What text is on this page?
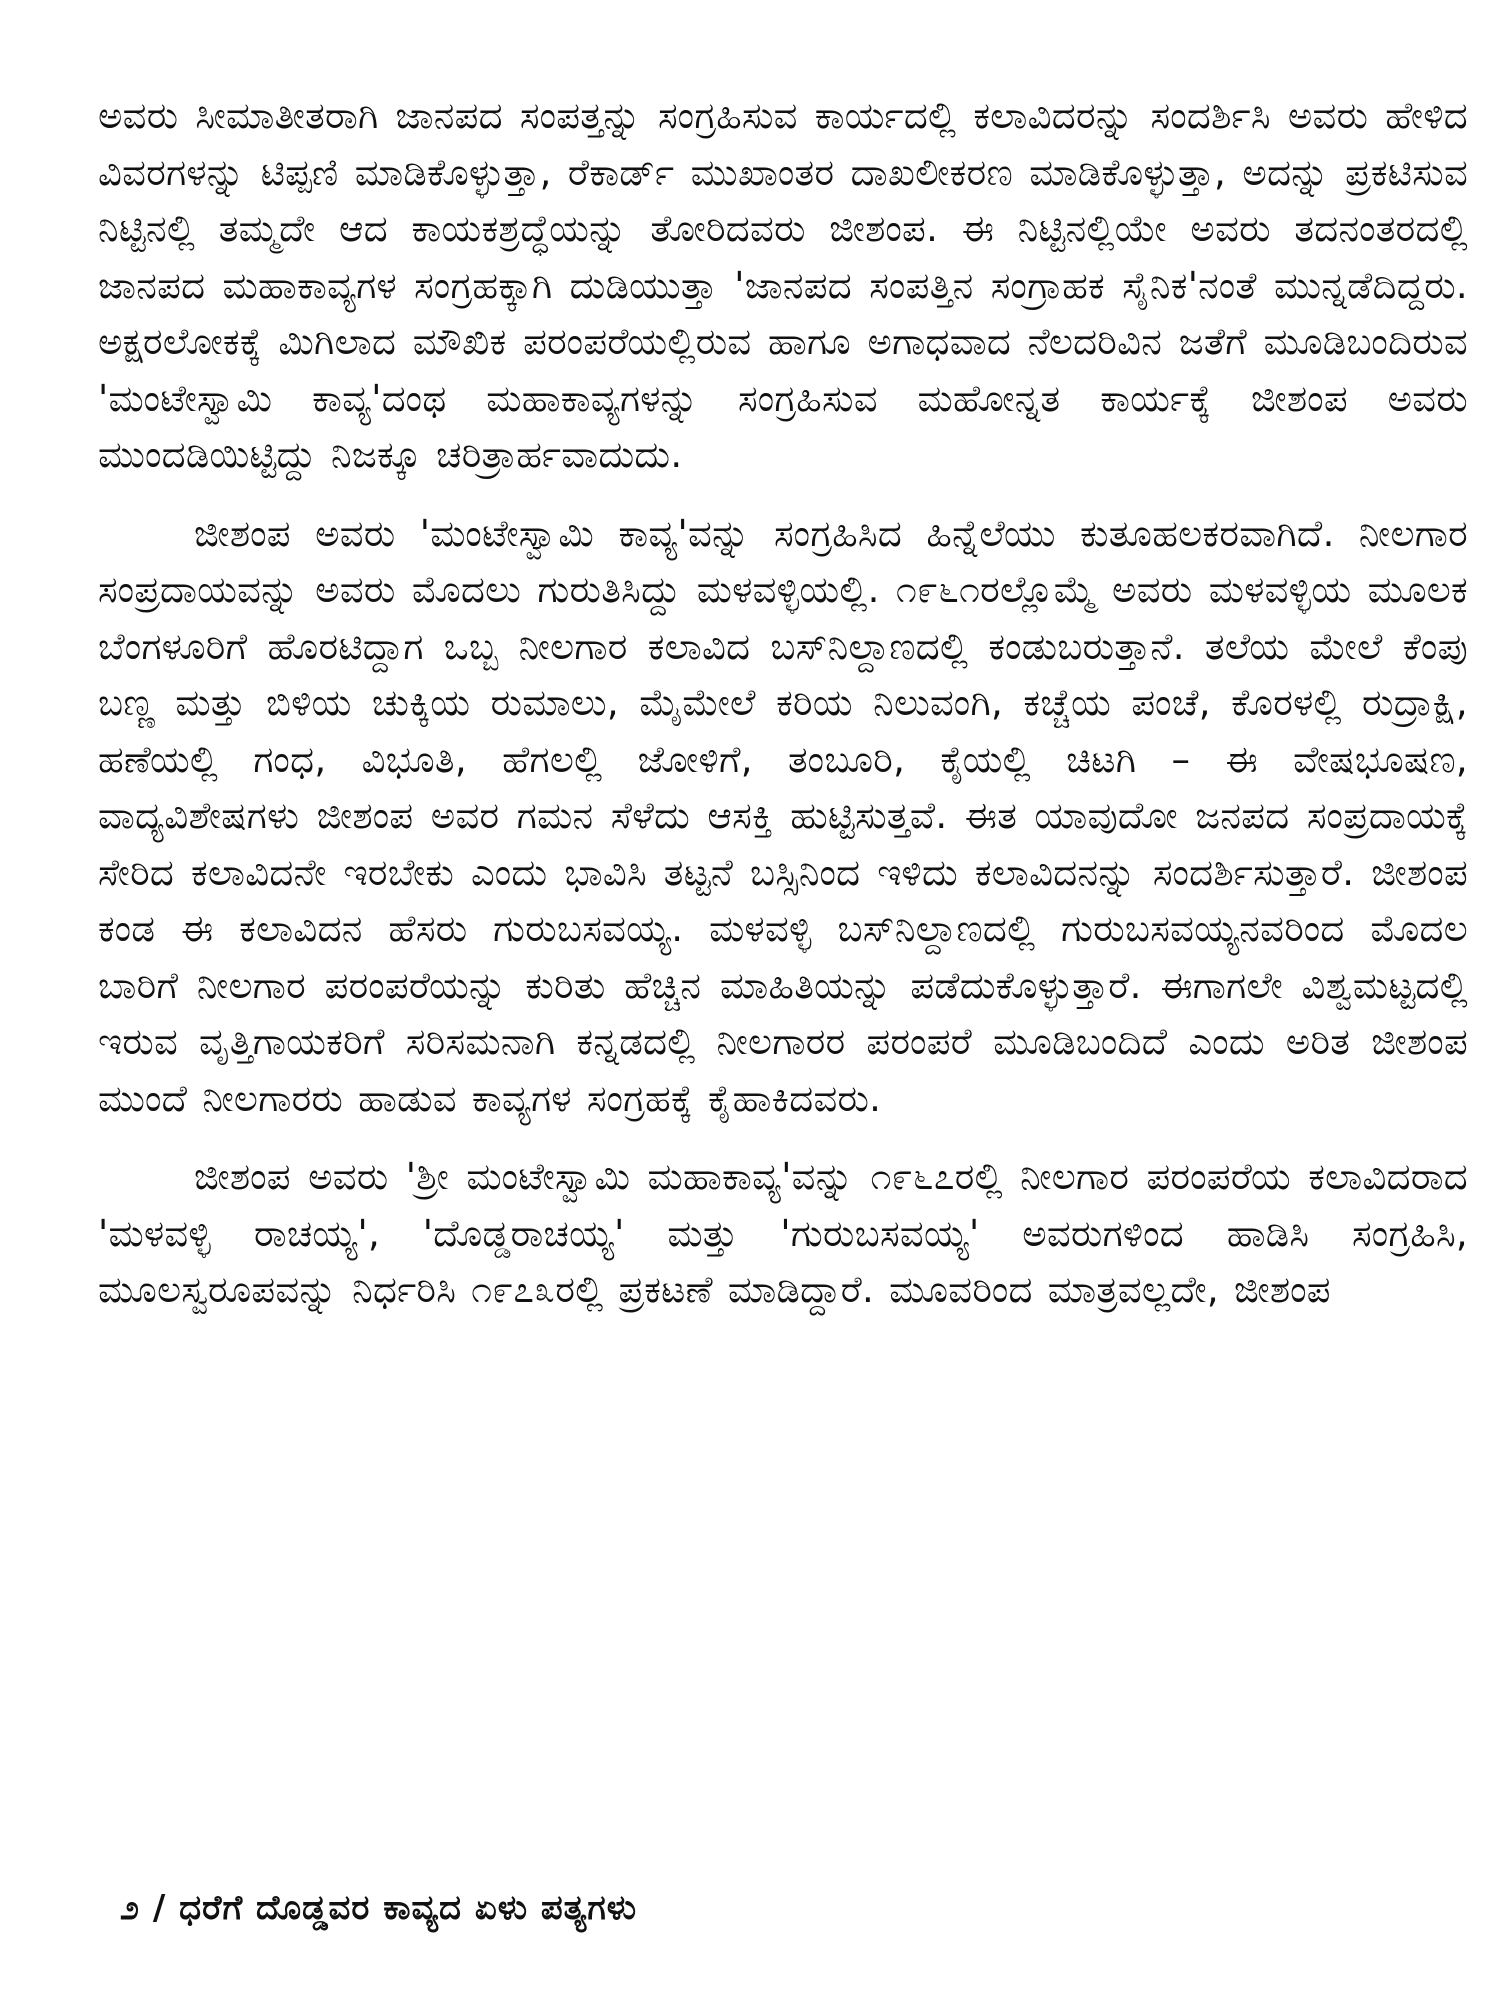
ಅವರು ಸೀಮಾತೀತರಾಗಿ ಜಾನಪದ ಸಂಪತ್ತನ್ನು ಸಂಗ್ರಹಿಸುವ ಕಾರ್ಯದಲ್ಲಿ ಕಲಾವಿದರನ್ನು ಸಂದರ್ಶಿಸಿ ಅವರು ಹೇಳಿದ ವಿವರಗಳನ್ನು ಟಿಪ್ಪಣಿ ಮಾಡಿಕೊಳ್ಳುತ್ತಾ, ರೆಕಾರ್ಡ್ ಮುಖಾಂತರ ದಾಖಲೀಕರಣ ಮಾಡಿಕೊಳ್ಳುತ್ತಾ, ಅದನ್ನು ಪ್ರಕಟಿಸುವ ನಿಟ್ಟಿನಲ್ಲಿ ತಮ್ಮದೇ ಆದ ಕಾಯಕಶ್ರದ್ಧೆಯನ್ನು ತೋರಿದವರು ಜೀಶಂಪ. ಈ ನಿಟ್ಟಿನಲ್ಲಿಯೇ ಅವರು ತದನಂತರದಲ್ಲಿ ಜಾನಪದ ಮಹಾಕಾವ್ಯಗಳ ಸಂಗ್ರಹಕ್ಕಾಗಿ ದುಡಿಯುತ್ತಾ 'ಜಾನಪದ ಸಂಪತ್ತಿನ ಸಂಗ್ರಾಹಕ ಸೈನಿಕ'ನಂತೆ ಮುನ್ನಡೆದಿದ್ದರು. ಅಕ್ಷರಲೋಕಕ್ಕೆ ಮಿಗಿಲಾದ ಮೌಖಿಕ ಪರಂಪರೆಯಲ್ಲಿರುವ ಹಾಗೂ ಅಗಾಧವಾದ ನೆಲದರಿವಿನ ಜತೆಗೆ ಮೂಡಿಬಂದಿರುವ 'ಮಂಟೇಸ್ವಾಮಿ ಕಾವ್ಯ'ದಂಥ ಮಹಾಕಾವ್ಯಗಳನ್ನು ಸಂಗ್ರಹಿಸುವ ಮಹೋನ್ನತ ಕಾರ್ಯಕ್ಕೆ ಜೀಶಂಪ ಅವರು ಮುಂದಡಿಯಿಟ್ಟಿದ್ದು ನಿಜಕ್ಕೂ ಚರಿತ್ರಾರ್ಹವಾದುದು.

ಜೀಶಂಪ ಅವರು 'ಮಂಟೇಸ್ವಾಮಿ ಕಾವ್ಯ'ವನ್ನು ಸಂಗ್ರಹಿಸಿದ ಹಿನ್ನೆಲೆಯು ಕುತೂಹಲಕರವಾಗಿದೆ. ನೀಲಗಾರ ಸಂಪ್ರದಾಯವನ್ನು ಅವರು ಮೊದಲು ಗುರುತಿಸಿದ್ದು ಮಳವಳ್ಳಿಯಲ್ಲಿ. ೧೯೬೧ರಲ್ಲೊಮ್ಮೆ ಅವರು ಮಳವಳ್ಳಿಯ ಮೂಲಕ ಬೆಂಗಳೂರಿಗೆ ಹೊರಟಿದ್ದಾಗ ಒಬ್ಬ ನೀಲಗಾರ ಕಲಾವಿದ ಬಸ್‌ನಿಲ್ದಾಣದಲ್ಲಿ ಕಂಡುಬರುತ್ತಾನೆ. ತಲೆಯ ಮೇಲೆ ಕೆಂಪು ಬಣ್ಣ ಮತ್ತು ಬಿಳಿಯ ಚುಕ್ಕಿಯ ರುಮಾಲು, ಮೈಮೇಲೆ ಕರಿಯ ನಿಲುವಂಗಿ, ಕಚ್ಚೆಯ ಪಂಚೆ, ಕೊರಳಲ್ಲಿ ರುದ್ರಾಕ್ಷಿ, ಹಣೆಯಲ್ಲಿ ಗಂಧ, ವಿಭೂತಿ, ಹೆಗಲಲ್ಲಿ ಜೋಳಿಗೆ, ತಂಬೂರಿ, ಕೈಯಲ್ಲಿ ಚಿಟಗಿ – ಈ ವೇಷಭೂಷಣ, ವಾದ್ಯವಿಶೇಷಗಳು ಜೀಶಂಪ ಅವರ ಗಮನ ಸೆಳೆದು ಆಸಕ್ತಿ ಹುಟ್ಟಿಸುತ್ತವೆ. ಈತ ಯಾವುದೋ ಜನಪದ ಸಂಪ್ರದಾಯಕ್ಕೆ ಸೇರಿದ ಕಲಾವಿದನೇ ಇರಬೇಕು ಎಂದು ಭಾವಿಸಿ ತಟ್ಟನೆ ಬಸ್ಸಿನಿಂದ ಇಳಿದು ಕಲಾವಿದನನ್ನು ಸಂದರ್ಶಿಸುತ್ತಾರೆ. ಜೀಶಂಪ ಕಂಡ ಈ ಕಲಾವಿದನ ಹೆಸರು ಗುರುಬಸವಯ್ಯ. ಮಳವಳ್ಳಿ ಬಸ್‌ನಿಲ್ದಾಣದಲ್ಲಿ ಗುರುಬಸವಯ್ಯನವರಿಂದ ಮೊದಲ ಬಾರಿಗೆ ನೀಲಗಾರ ಪರಂಪರೆಯನ್ನು ಕುರಿತು ಹೆಚ್ಚಿನ ಮಾಹಿತಿಯನ್ನು ಪಡೆದುಕೊಳ್ಳುತ್ತಾರೆ. ಈಗಾಗಲೇ ವಿಶ್ವಮಟ್ಟದಲ್ಲಿ ಇರುವ ವೃತ್ತಿಗಾಯಕರಿಗೆ ಸರಿಸಮನಾಗಿ ಕನ್ನಡದಲ್ಲಿ ನೀಲಗಾರರ ಪರಂಪರೆ ಮೂಡಿಬಂದಿದೆ ಎಂದು ಅರಿತ ಜೀಶಂಪ ಮುಂದೆ ನೀಲಗಾರರು ಹಾಡುವ ಕಾವ್ಯಗಳ ಸಂಗ್ರಹಕ್ಕೆ ಕೈಹಾಕಿದವರು.

ಜೀಶಂಪ ಅವರು 'ಶ್ರೀ ಮಂಟೇಸ್ವಾಮಿ ಮಹಾಕಾವ್ಯ'ವನ್ನು ೧೯೬೭ರಲ್ಲಿ ನೀಲಗಾರ ಪರಂಪರೆಯ ಕಲಾವಿದರಾದ 'ಮಳವಳ್ಳಿ ರಾಚಯ್ಯ', 'ದೊಡ್ಡರಾಚಯ್ಯ' ಮತ್ತು 'ಗುರುಬಸವಯ್ಯ' ಅವರುಗಳಿಂದ ಹಾಡಿಸಿ ಸಂಗ್ರಹಿಸಿ, ಮೂಲಸ್ವರೂಪವನ್ನು ನಿರ್ಧರಿಸಿ ೧೯೭೩ರಲ್ಲಿ ಪ್ರಕಟಣೆ ಮಾಡಿದ್ದಾರೆ. ಮೂವರಿಂದ ಮಾತ್ರವಲ್ಲದೇ, ಜೀಶಂಪ

೨ / ಧರೆಗೆ ದೊಡ್ಡವರ ಕಾವ್ಯದ ಏಳು ಪತ್ಯಗಳು
